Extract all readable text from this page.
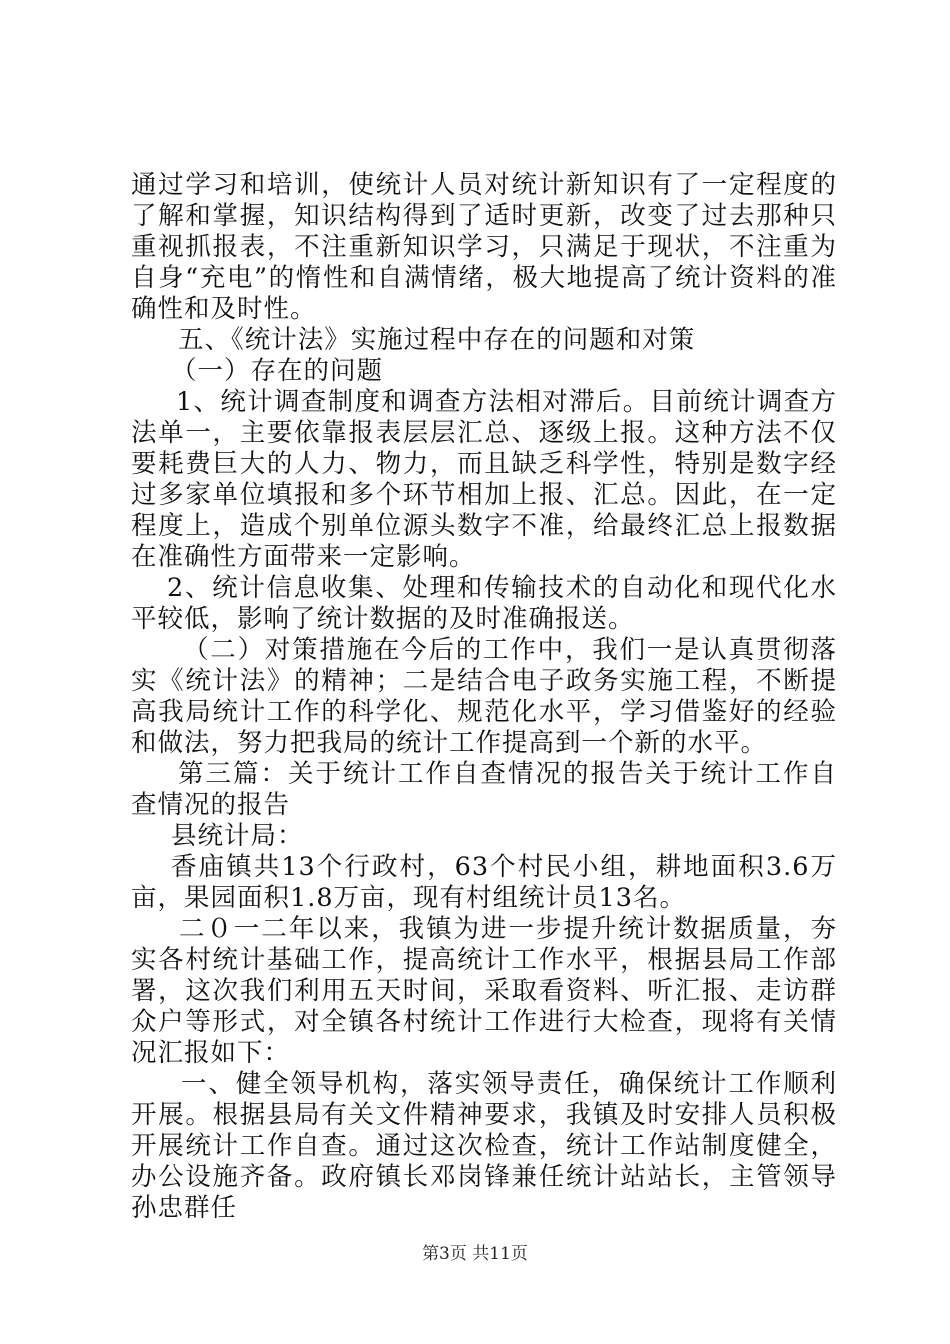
通过学习和培训，使统计人员对统计新知识有了一定程度的了解和掌握，知识结构得到了适时更新，改变了过去那种只重视抓报表，不注重新知识学习，只满足于现状，不注重为自身“充电”的惰性和自满情绪，极大地提高了统计资料的准确性和及时性。

五、《统计法》实施过程中存在的问题和对策

（一）存在的问题

1、统计调查制度和调查方法相对滞后。目前统计调查方法单一，主要依靠报表层层汇总、逐级上报。这种方法不仅要耗费巨大的人力、物力，而且缺乏科学性，特别是数字经过多家单位填报和多个环节相加上报、汇总。因此，在一定程度上，造成个别单位源头数字不准，给最终汇总上报数据在准确性方面带来一定影响。

2、统计信息收集、处理和传输技术的自动化和现代化水平较低，影响了统计数据的及时准确报送。

（二）对策措施在今后的工作中，我们一是认真贯彻落实《统计法》的精神；二是结合电子政务实施工程，不断提高我局统计工作的科学化、规范化水平，学习借鉴好的经验和做法，努力把我局的统计工作提高到一个新的水平。

第三篇：关于统计工作自查情况的报告关于统计工作自查情况的报告

县统计局：

香庙镇共13个行政村，63个村民小组，耕地面积3.6万亩，果园面积1.8万亩，现有村组统计员13名。

二０一二年以来，我镇为进一步提升统计数据质量，夯实各村统计基础工作，提高统计工作水平，根据县局工作部署，这次我们利用五天时间，采取看资料、听汇报、走访群众户等形式，对全镇各村统计工作进行大检查，现将有关情况汇报如下：

一、健全领导机构，落实领导责任，确保统计工作顺利开展。根据县局有关文件精神要求，我镇及时安排人员积极开展统计工作自查。通过这次检查，统计工作站制度健全，办公设施齐备。政府镇长邓岗锋兼任统计站站长，主管领导孙忠群任

第3页 共11页
